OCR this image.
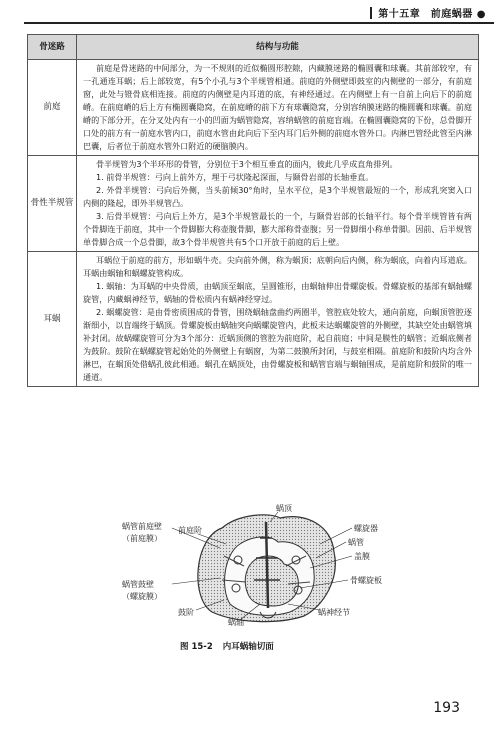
第十五章　前庭蜗器 ●
骨迷路	结构与功能
前庭	前庭是骨迷路的中间部分，为一不规则的近似椭圆形腔隙，内藏膜迷路的椭圆囊和球囊。其前部较窄，有一孔通连耳蜗；后上部较宽，有5个小孔与3个半规管相通。前庭的外侧壁即鼓室的内侧壁的一部分，有前庭窗，此处与镫骨底相连接。前庭的内侧壁是内耳道的底，有神经通过。在内侧壁上有一自前上向后下的前庭嵴。在前庭嵴的后上方有椭圆囊隐窝，在前庭嵴的前下方有球囊隐窝，分别容纳膜迷路的椭圆囊和球囊。前庭嵴的下部分开，在分叉处内有一小的凹面为蜗管隐窝，容纳蜗管的前庭盲端。在椭圆囊隐窝的下份，总骨脚开口处的前方有一前庭水管内口，前庭水管由此向后下至内耳门后外侧的前庭水管外口。内淋巴管经此管至内淋巴囊，后者位于前庭水管外口附近的硬脑膜内。

骨性半规管	骨半规管为3个半环形的骨管，分别位于3个相互垂直的面内，彼此几乎成直角排列。

1. 前骨半规管：弓向上前外方，埋于弓状隆起深面，与颞骨岩部的长轴垂直。

2. 外骨半规管：弓向后外侧，当头前倾30°角时，呈水平位，是3个半规管最短的一个，形成乳突窦入口内侧的隆起，即外半规管凸。

3. 后骨半规管：弓向后上外方，是3个半规管最长的一个，与颞骨岩部的长轴平行。每个骨半规管皆有两个骨脚连于前庭，其中一个骨脚膨大称壶腹骨脚，膨大部称骨壶腹；另一骨脚细小称单骨脚。因前、后半规管单骨脚合成一个总骨脚，故3个骨半规管共有5个口开放于前庭的后上壁。

耳蜗	耳蜗位于前庭的前方，形如蜗牛壳。尖向前外侧，称为蜗顶；底朝向后内侧，称为蜗底，向着内耳道底。耳蜗由蜗轴和蜗螺旋管构成。

1. 蜗轴：为耳蜗的中央骨质，由蜗顶至蜗底，呈圆锥形，由蜗轴伸出骨螺旋板。骨螺旋板的基部有蜗轴螺旋管，内藏蜗神经节，蜗轴的骨松质内有蜗神经穿过。

2. 蜗螺旋管：是由骨密质围成的骨管，围绕蜗轴盘曲约两圈半，管腔底处较大，通向前庭，向蜗顶管腔逐渐细小，以盲端终于蜗顶。骨螺旋板由蜗轴突向蜗螺旋管内，此板未达蜗螺旋管的外侧壁，其缺空处由蜗管填补封闭。故蜗螺旋管可分为3个部分：近蜗顶侧的管腔为前庭阶，起自前庭；中间是膜性的蜗管；近蜗底侧者为鼓阶。鼓阶在蜗螺旋管起始处的外侧壁上有蜗窗，为第二鼓膜所封闭，与鼓室相隔。前庭阶和鼓阶内均含外淋巴，在蜗顶处借蜗孔彼此相通。蜗孔在蜗顶处，由骨螺旋板和蜗管盲端与蜗轴围成，是前庭阶和鼓阶的唯一通道。

蜗顶
蜗管前庭壁
（前庭膜）
前庭阶	螺旋器
蜗管
盖膜
蜗管鼓壁
（螺旋膜）
蜗轴
骨螺旋板
鼓阶	蜗神经节
图 15-2 内耳蜗轴切面
193
